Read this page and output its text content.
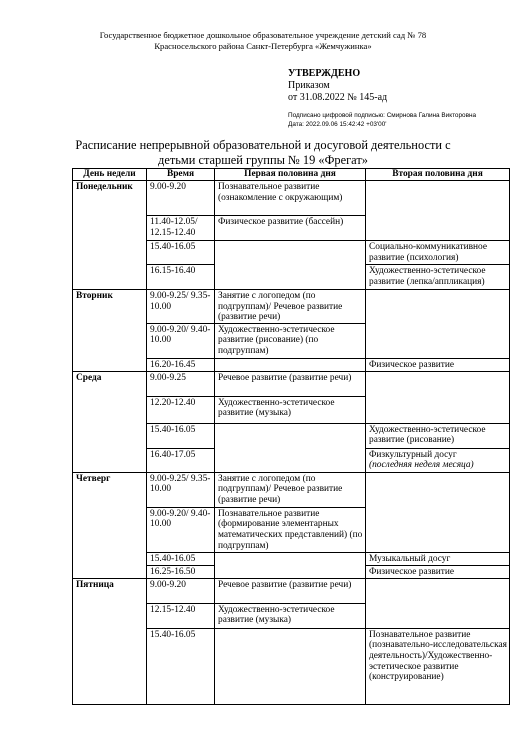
Государственное бюджетное дошкольное образовательное учреждение детский сад № 78
Красносельского района Санкт-Петербурга «Жемчужинка»
УТВЕРЖДЕНО
Приказом
от 31.08.2022 № 145-ад
Подписано цифровой подписью: Смирнова Галина Викторовна
Дата: 2022.09.06 15:42:42 +03'00'
Расписание непрерывной образовательной и досуговой деятельности с
детьми старшей группы № 19 «Фрегат»
День недели	Время	Первая половина дня	Вторая половина дня
Понедельник	9.00-9.20	Познавательное развитие (ознакомление с окружающим)	
	11.40-12.05/ 12.15-12.40	Физическое развитие (бассейн)	
	15.40-16.05		Социально-коммуникативное развитие (психология)
	16.15-16.40		Художественно-эстетическое развитие (лепка/аппликация)
Вторник	9.00-9.25/ 9.35-10.00	Занятие с логопедом (по подгруппам)/ Речевое развитие (развитие речи)	
	9.00-9.20/ 9.40-10.00	Художественно-эстетическое развитие (рисование) (по подгруппам)	
	16.20-16.45		Физическое развитие
Среда	9.00-9.25	Речевое развитие (развитие речи)	
	12.20-12.40	Художественно-эстетическое развитие (музыка)	
	15.40-16.05		Художественно-эстетическое развитие (рисование)
	16.40-17.05		Физкультурный досуг
(последняя неделя месяца)

Четверг	9.00-9.25/ 9.35-10.00	Занятие с логопедом (по подгруппам)/ Речевое развитие (развитие речи)	
	9.00-9.20/ 9.40-10.00	Познавательное развитие (формирование элементарных математических представлений) (по подгруппам)	
	15.40-16.05		Музыкальный досуг
	16.25-16.50		Физическое развитие
Пятница	9.00-9.20	Речевое развитие (развитие речи)	
	12.15-12.40	Художественно-эстетическое развитие (музыка)	
	15.40-16.05		Познавательное развитие (познавательно-исследовательская деятельность)/Художественно-эстетическое развитие (конструирование)
